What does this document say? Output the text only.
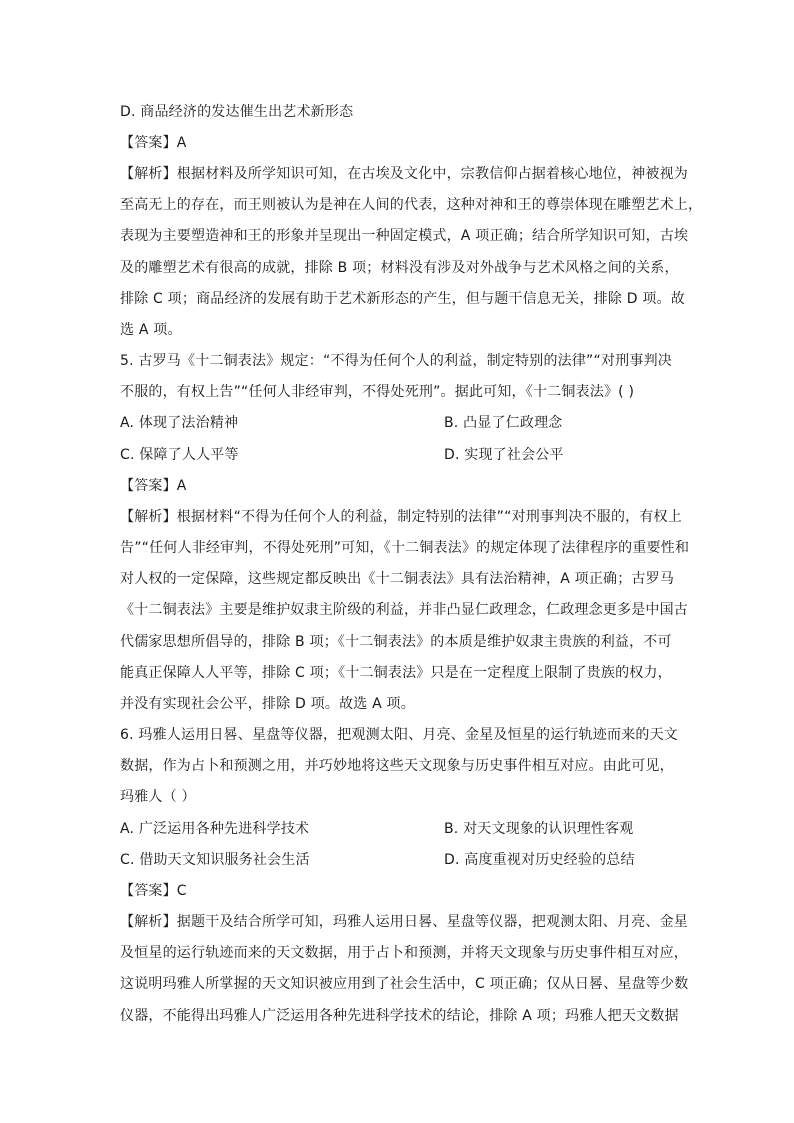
D. 商品经济的发达催生出艺术新形态
【答案】A
【解析】根据材料及所学知识可知，在古埃及文化中，宗教信仰占据着核心地位，神被视为
至高无上的存在，而王则被认为是神在人间的代表，这种对神和王的尊崇体现在雕塑艺术上，
表现为主要塑造神和王的形象并呈现出一种固定模式，A 项正确；结合所学知识可知，古埃
及的雕塑艺术有很高的成就，排除 B 项；材料没有涉及对外战争与艺术风格之间的关系，
排除 C 项；商品经济的发展有助于艺术新形态的产生，但与题干信息无关，排除 D 项。故
选 A 项。
5. 古罗马《十二铜表法》规定：“不得为任何个人的利益，制定特别的法律”“对刑事判决
不服的，有权上告”“任何人非经审判，不得处死刑”。据此可知，《十二铜表法》( )
A. 体现了法治精神	B. 凸显了仁政理念
C. 保障了人人平等	D. 实现了社会公平
【答案】A
【解析】根据材料“不得为任何个人的利益，制定特别的法律”“对刑事判决不服的，有权上
告”“任何人非经审判，不得处死刑”可知，《十二铜表法》的规定体现了法律程序的重要性和
对人权的一定保障，这些规定都反映出《十二铜表法》具有法治精神，A 项正确；古罗马
《十二铜表法》主要是维护奴隶主阶级的利益，并非凸显仁政理念，仁政理念更多是中国古
代儒家思想所倡导的，排除 B 项；《十二铜表法》的本质是维护奴隶主贵族的利益，不可
能真正保障人人平等，排除 C 项；《十二铜表法》只是在一定程度上限制了贵族的权力，
并没有实现社会公平，排除 D 项。故选 A 项。
6. 玛雅人运用日晷、星盘等仪器，把观测太阳、月亮、金星及恒星的运行轨迹而来的天文
数据，作为占卜和预测之用，并巧妙地将这些天文现象与历史事件相互对应。由此可见，
玛雅人（ ）
A. 广泛运用各种先进科学技术	B. 对天文现象的认识理性客观
C. 借助天文知识服务社会生活	D. 高度重视对历史经验的总结
【答案】C
【解析】据题干及结合所学可知，玛雅人运用日晷、星盘等仪器，把观测太阳、月亮、金星
及恒星的运行轨迹而来的天文数据，用于占卜和预测，并将天文现象与历史事件相互对应，
这说明玛雅人所掌握的天文知识被应用到了社会生活中，C 项正确；仅从日晷、星盘等少数
仪器，不能得出玛雅人广泛运用各种先进科学技术的结论，排除 A 项；玛雅人把天文数据
